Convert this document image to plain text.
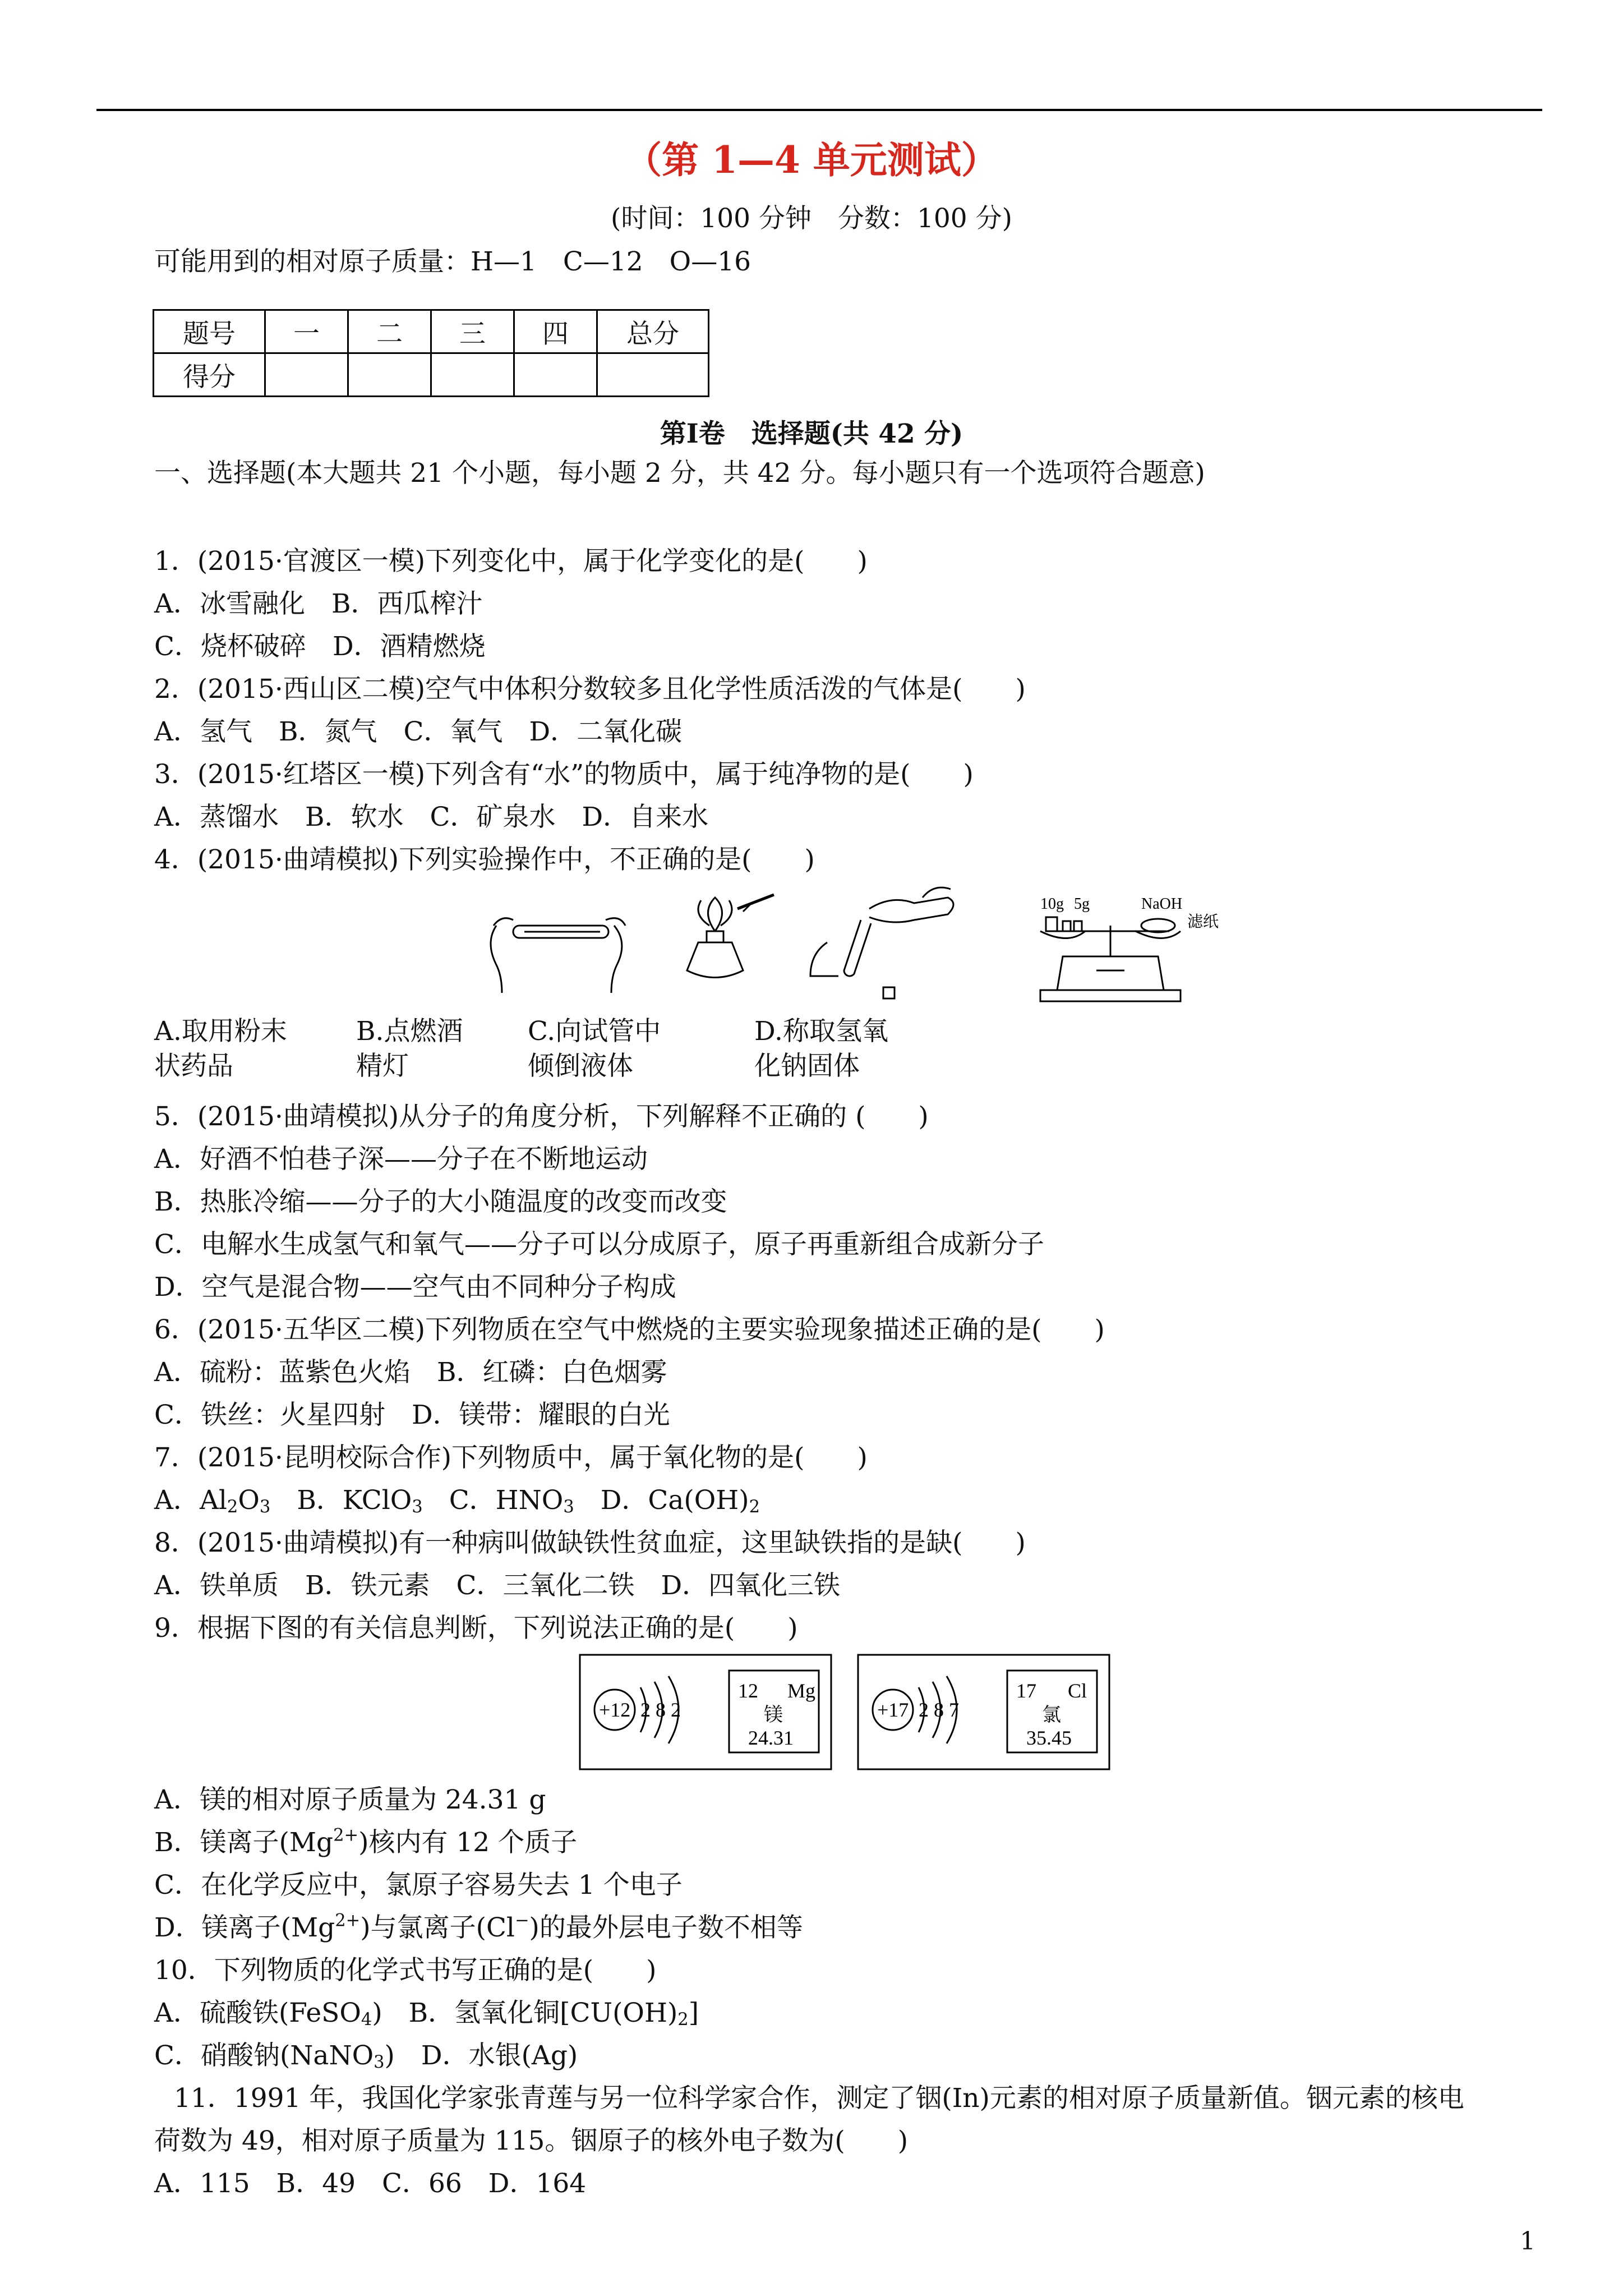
（第 1—4 单元测试）
(时间：100 分钟　分数：100 分)
可能用到的相对原子质量：H—1　C—12　O—16
题号	一	二	三	四	总分
得分					
第Ⅰ卷　选择题(共 42 分)
一、选择题(本大题共 21 个小题，每小题 2 分，共 42 分。每小题只有一个选项符合题意)
1．(2015·官渡区一模)下列变化中，属于化学变化的是(　　)
A．冰雪融化　B．西瓜榨汁
C．烧杯破碎　D．酒精燃烧
2．(2015·西山区二模)空气中体积分数较多且化学性质活泼的气体是(　　)
A．氢气　B．氮气　C．氧气　D．二氧化碳
3．(2015·红塔区一模)下列含有“水”的物质中，属于纯净物的是(　　)
A．蒸馏水　B．软水　C．矿泉水　D．自来水
4．(2015·曲靖模拟)下列实验操作中，不正确的是(　　)
10g 5g	NaOH
滤纸
A.取用粉末
状药品
B.点燃酒
精灯
C.向试管中
倾倒液体
D.称取氢氧
化钠固体
5．(2015·曲靖模拟)从分子的角度分析，下列解释不正确的 (　　)
A．好酒不怕巷子深——分子在不断地运动
B．热胀冷缩——分子的大小随温度的改变而改变
C．电解水生成氢气和氧气——分子可以分成原子，原子再重新组合成新分子
D．空气是混合物——空气由不同种分子构成
6．(2015·五华区二模)下列物质在空气中燃烧的主要实验现象描述正确的是(　　)
A．硫粉：蓝紫色火焰　B．红磷：白色烟雾
C．铁丝：火星四射　D．镁带：耀眼的白光
7．(2015·昆明校际合作)下列物质中，属于氧化物的是(　　)
A．$Al_2O_3$　B．KClO$_3$　C．$HNO_3$　D．$Ca(OH)_2$
8．(2015·曲靖模拟)有一种病叫做缺铁性贫血症，这里缺铁指的是缺(　　)
A．铁单质　B．铁元素　C．三氧化二铁　D．四氧化三铁
9．根据下图的有关信息判断，下列说法正确的是(　　)
+12 2 8 2
12 Mg
镁
24.31
+17 2 8 7
17 Cl
氯
35.45
A．镁的相对原子质量为 24.31 g
B．镁离子$(Mg^{2+})$核内有 12 个质子
C．在化学反应中，氯原子容易失去 1 个电子
D．镁离子$(Mg^{2+})$与氯离子(Cl−)的最外层电子数不相等
10．下列物质的化学式书写正确的是(　　)
A．硫酸铁(FeSO$_4$)　B．氢氧化铜$[CU(OH)_2]$
C．硝酸钠(NaNO$_3$)　D．水银(Ag)
11．1991 年，我国化学家张青莲与另一位科学家合作，测定了铟(In)元素的相对原子质量新值。铟元素的核电
荷数为 49，相对原子质量为 115。铟原子的核外电子数为(　　)
A．115　B．49　C．66　D．164
1
